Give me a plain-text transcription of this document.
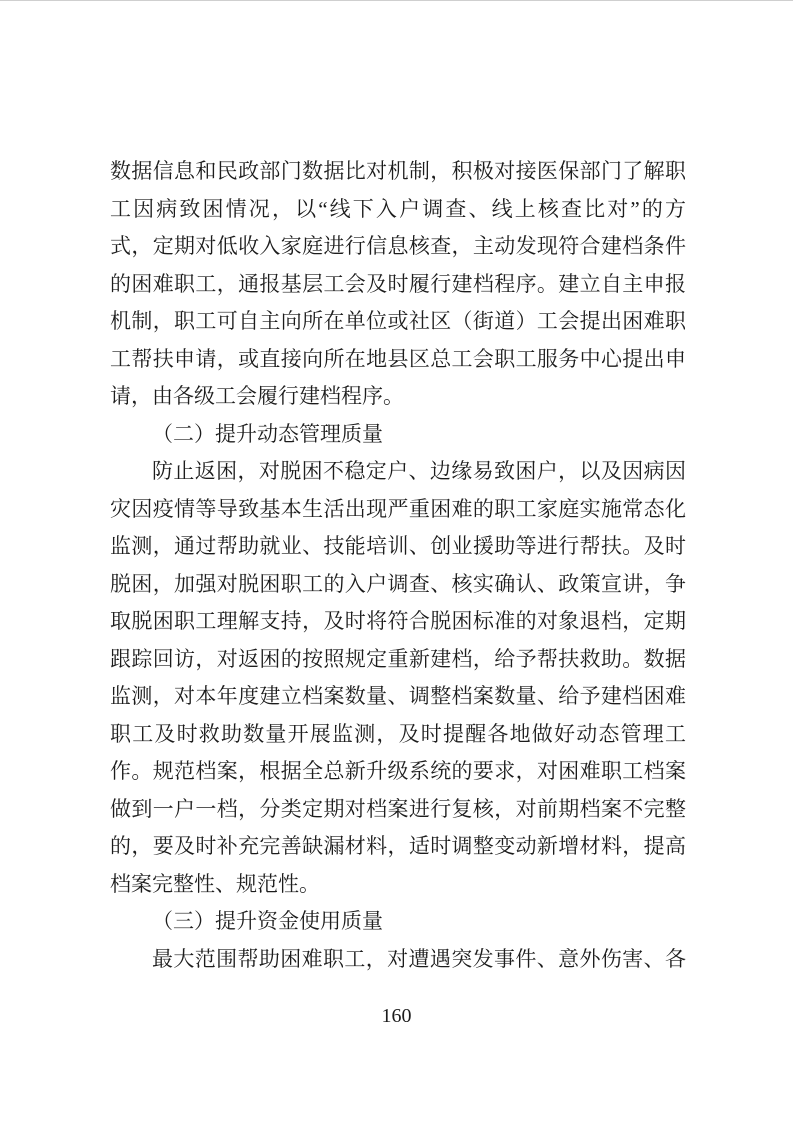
数据信息和民政部门数据比对机制，积极对接医保部门了解职
工因病致困情况，以“线下入户调查、线上核查比对”的方
式，定期对低收入家庭进行信息核查，主动发现符合建档条件
的困难职工，通报基层工会及时履行建档程序。建立自主申报
机制，职工可自主向所在单位或社区（街道）工会提出困难职
工帮扶申请，或直接向所在地县区总工会职工服务中心提出申
请，由各级工会履行建档程序。
（二）提升动态管理质量
防止返困，对脱困不稳定户、边缘易致困户，以及因病因
灾因疫情等导致基本生活出现严重困难的职工家庭实施常态化
监测，通过帮助就业、技能培训、创业援助等进行帮扶。及时
脱困，加强对脱困职工的入户调查、核实确认、政策宣讲，争
取脱困职工理解支持，及时将符合脱困标准的对象退档，定期
跟踪回访，对返困的按照规定重新建档，给予帮扶救助。数据
监测，对本年度建立档案数量、调整档案数量、给予建档困难
职工及时救助数量开展监测，及时提醒各地做好动态管理工
作。规范档案，根据全总新升级系统的要求，对困难职工档案
做到一户一档，分类定期对档案进行复核，对前期档案不完整
的，要及时补充完善缺漏材料，适时调整变动新增材料，提高
档案完整性、规范性。
（三）提升资金使用质量
最大范围帮助困难职工，对遭遇突发事件、意外伤害、各
160
